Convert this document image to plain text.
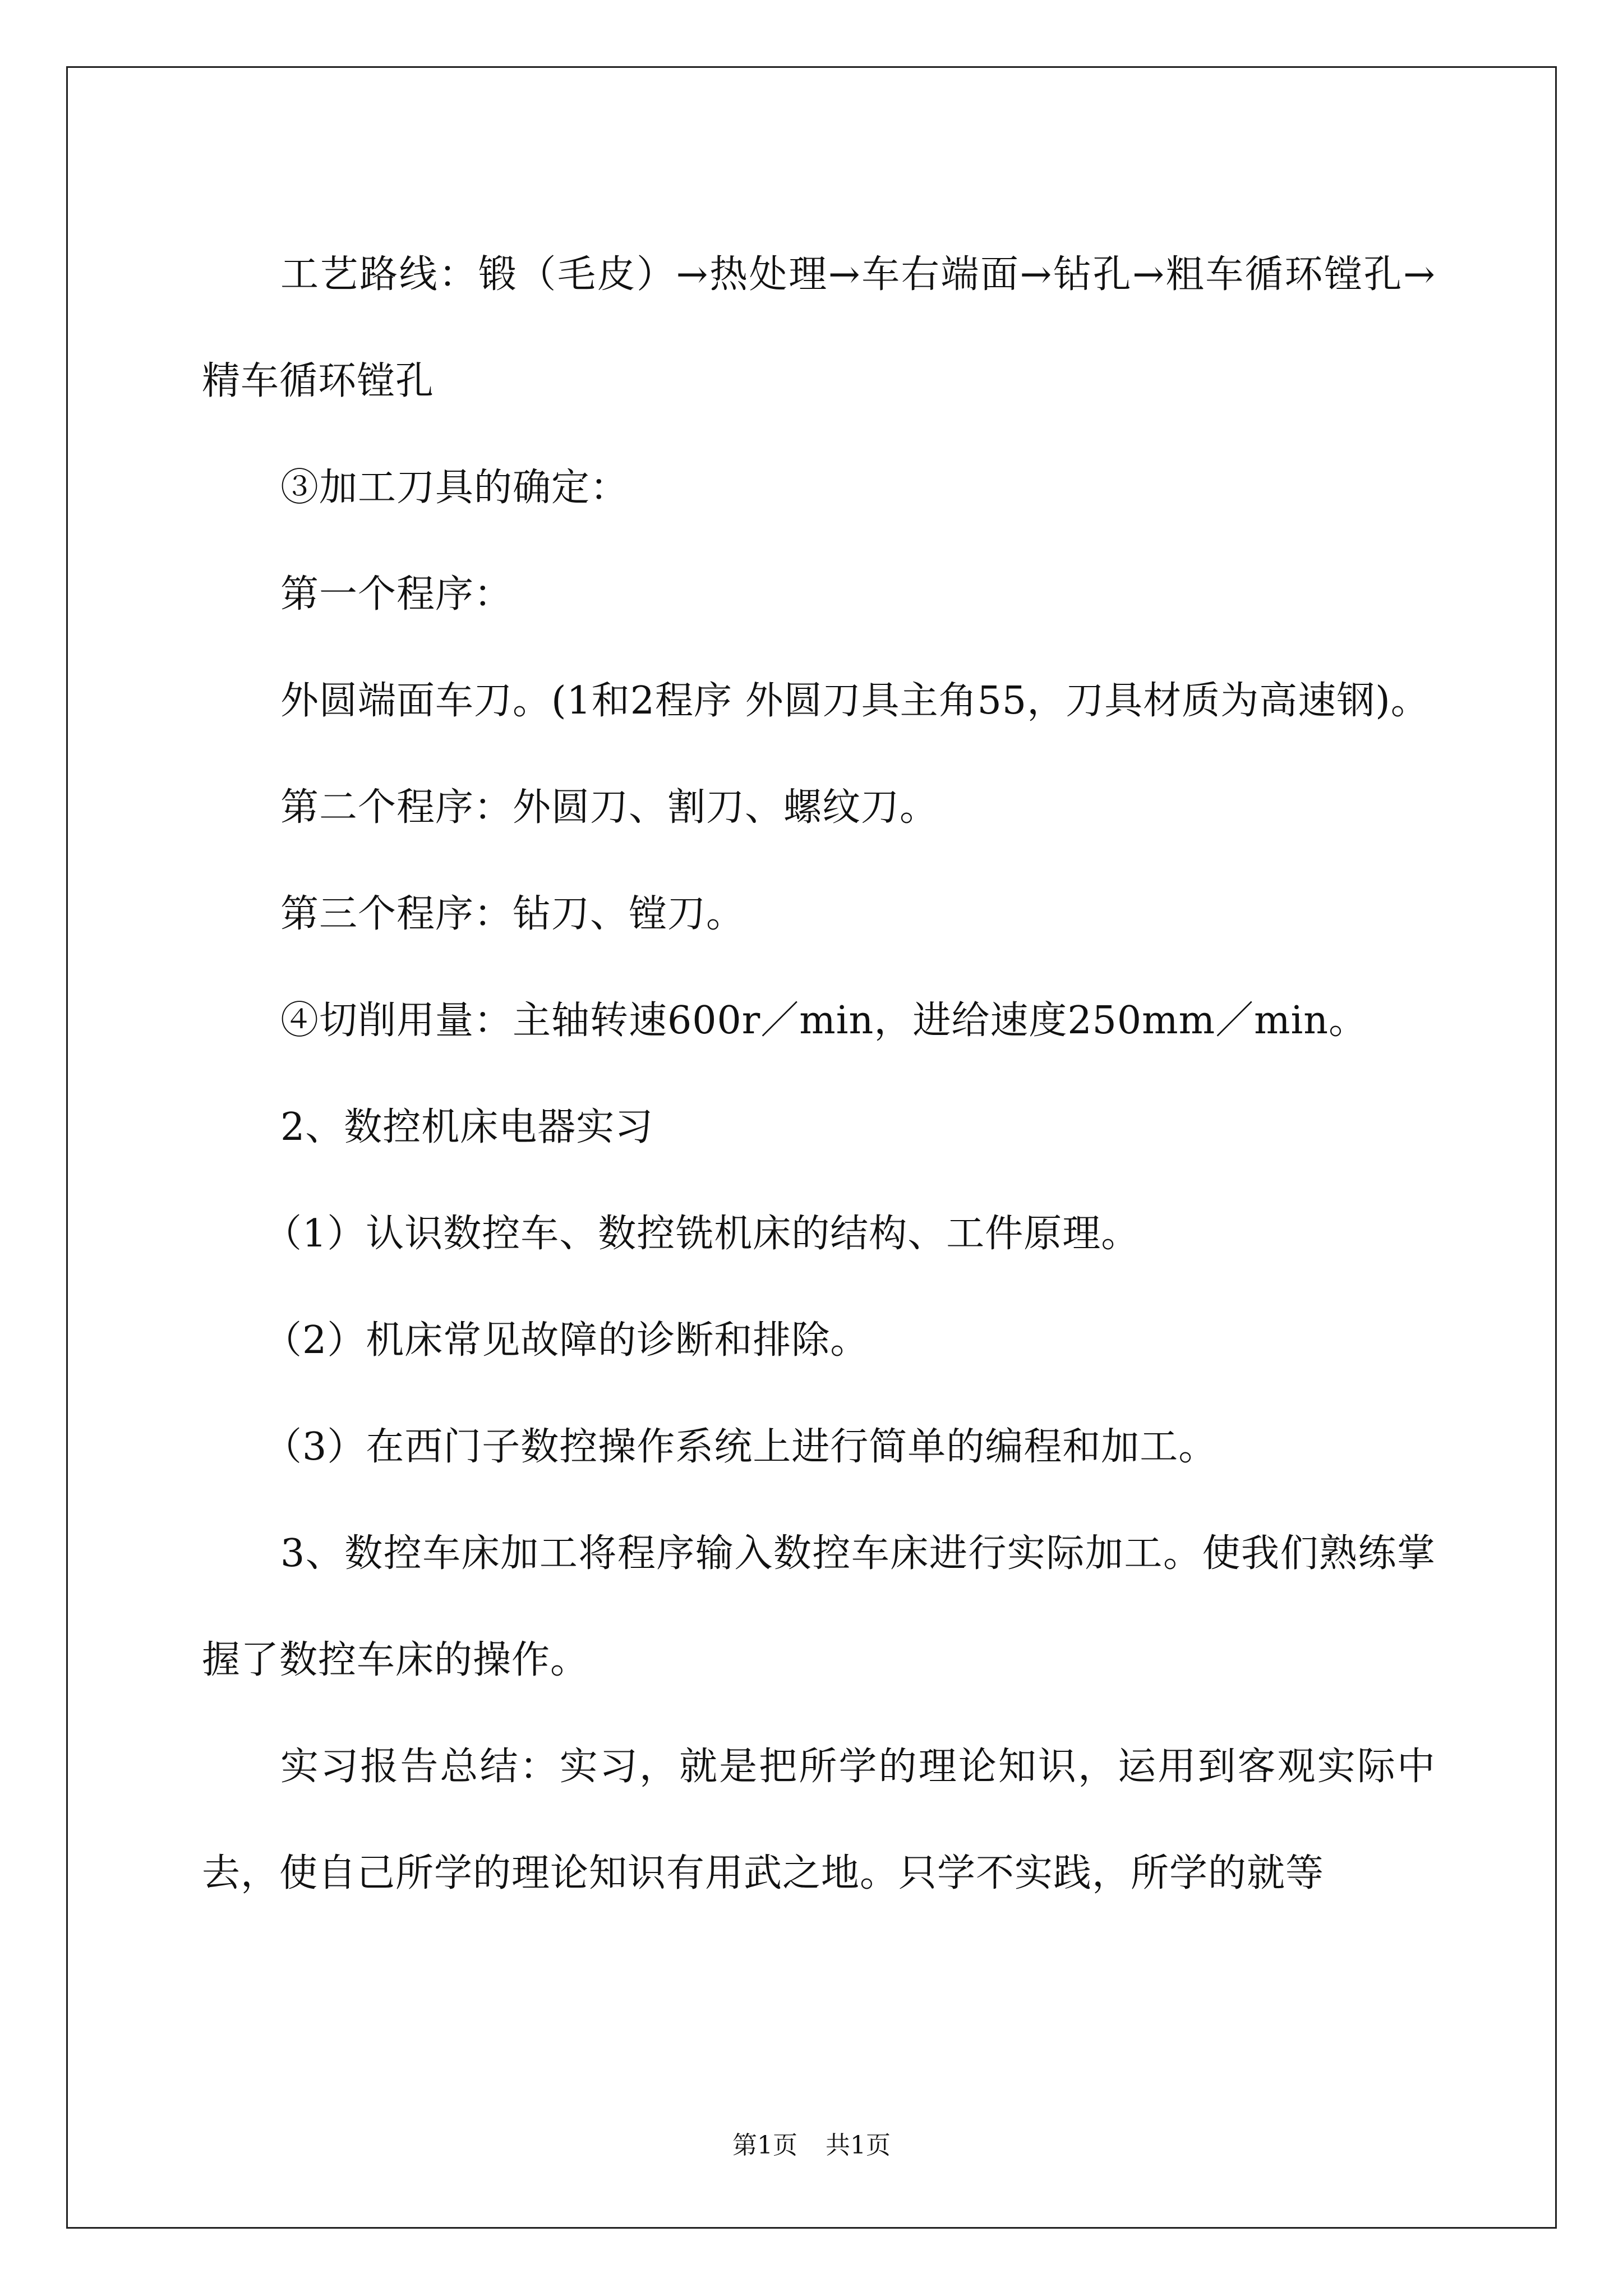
工艺路线：锻（毛皮）→热处理→车右端面→钻孔→粗车循环镗孔→精车循环镗孔

③加工刀具的确定：

第一个程序：

外圆端面车刀。(1和2程序 外圆刀具主角55，刀具材质为高速钢)。

第二个程序：外圆刀、割刀、螺纹刀。

第三个程序：钻刀、镗刀。

④切削用量：主轴转速600r／min，进给速度250mm／min。

2、数控机床电器实习

（1）认识数控车、数控铣机床的结构、工件原理。

（2）机床常见故障的诊断和排除。

（3）在西门子数控操作系统上进行简单的编程和加工。

3、数控车床加工将程序输入数控车床进行实际加工。使我们熟练掌握了数控车床的操作。

实习报告总结：实习，就是把所学的理论知识，运用到客观实际中去，使自己所学的理论知识有用武之地。只学不实践，所学的就等

第1页 共1页
